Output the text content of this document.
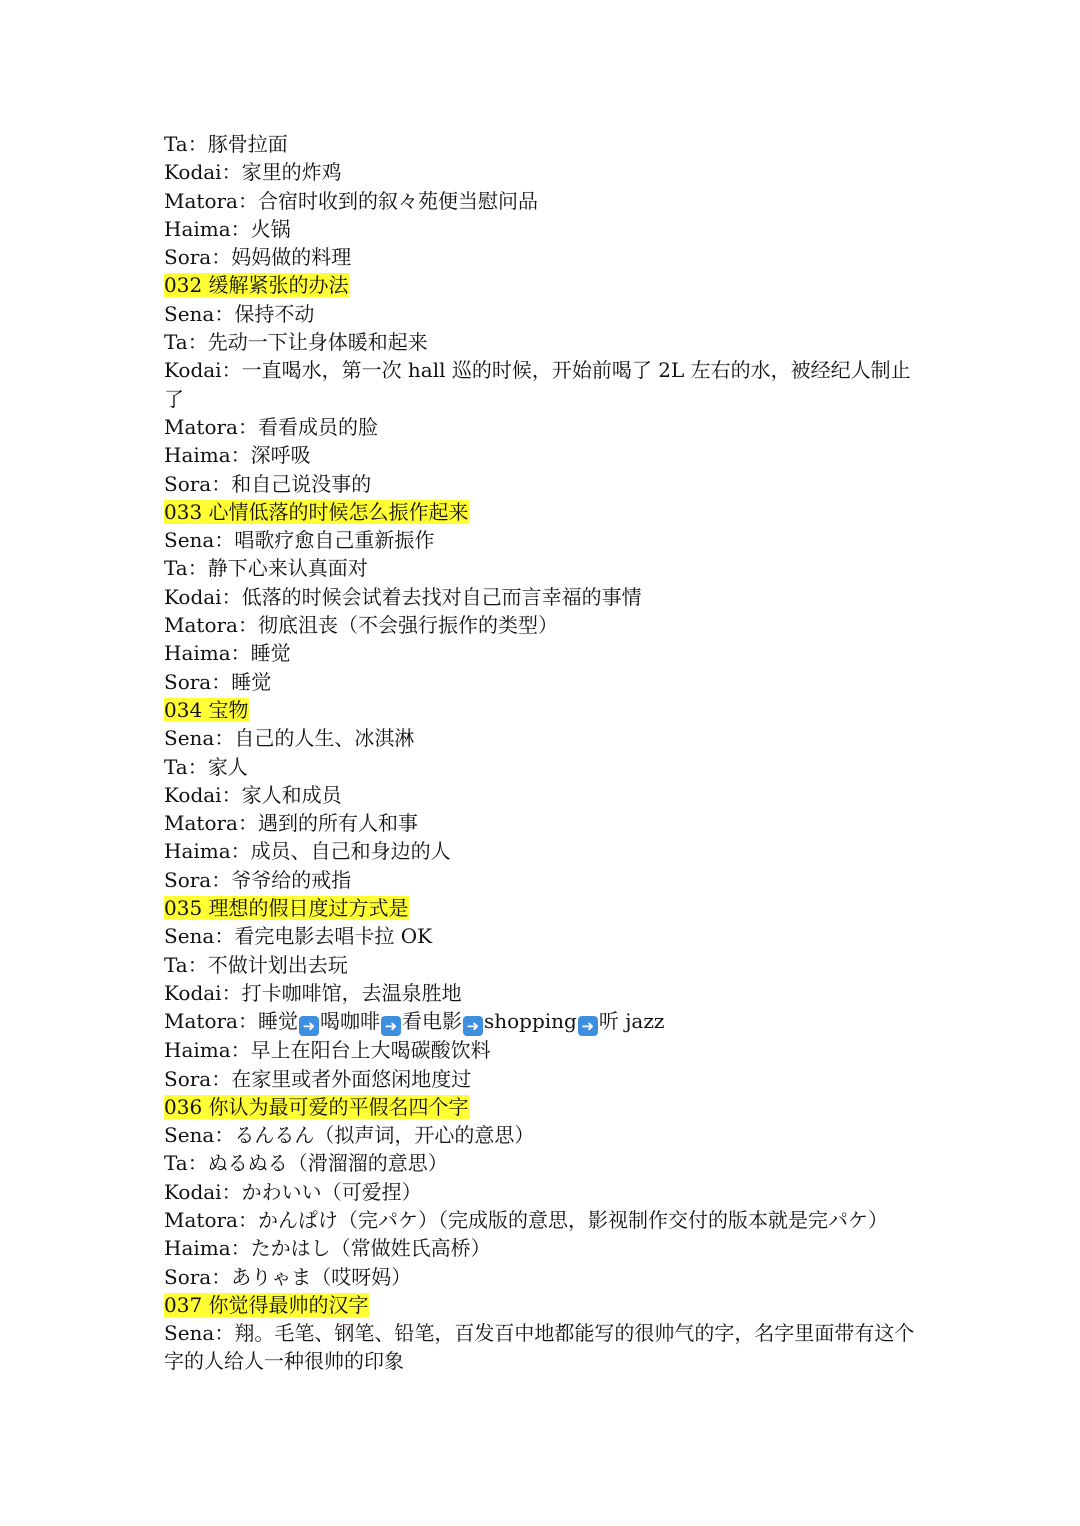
Ta：豚骨拉面

Kodai：家里的炸鸡

Matora：合宿时收到的叙々苑便当慰问品

Haima：火锅

Sora：妈妈做的料理

032 缓解紧张的办法

Sena：保持不动

Ta：先动一下让身体暖和起来

Kodai：一直喝水，第一次 hall 巡的时候，开始前喝了 2L 左右的水，被经纪人制止了

Matora：看看成员的脸

Haima：深呼吸

Sora：和自己说没事的

033 心情低落的时候怎么振作起来

Sena：唱歌疗愈自己重新振作

Ta：静下心来认真面对

Kodai：低落的时候会试着去找对自己而言幸福的事情

Matora：彻底沮丧（不会强行振作的类型）

Haima：睡觉

Sora：睡觉

034 宝物

Sena：自己的人生、冰淇淋

Ta：家人

Kodai：家人和成员

Matora：遇到的所有人和事

Haima：成员、自己和身边的人

Sora：爷爷给的戒指

035 理想的假日度过方式是

Sena：看完电影去唱卡拉 OK

Ta：不做计划出去玩

Kodai：打卡咖啡馆，去温泉胜地

Matora：睡觉 ➜ 喝咖啡 ➜ 看电影 ➜ shopping ➜ 听 jazz

Haima：早上在阳台上大喝碳酸饮料

Sora：在家里或者外面悠闲地度过

036 你认为最可爱的平假名四个字

Sena：るんるん（拟声词，开心的意思）

Ta：ぬるぬる（滑溜溜的意思）

Kodai：かわいい（可爱捏）

Matora：かんぱけ（完パケ）（完成版的意思，影视制作交付的版本就是完パケ）

Haima：たかはし（常做姓氏高桥）

Sora：ありゃま（哎呀妈）

037 你觉得最帅的汉字

Sena：翔。毛笔、钢笔、铅笔，百发百中地都能写的很帅气的字，名字里面带有这个字的人给人一种很帅的印象
